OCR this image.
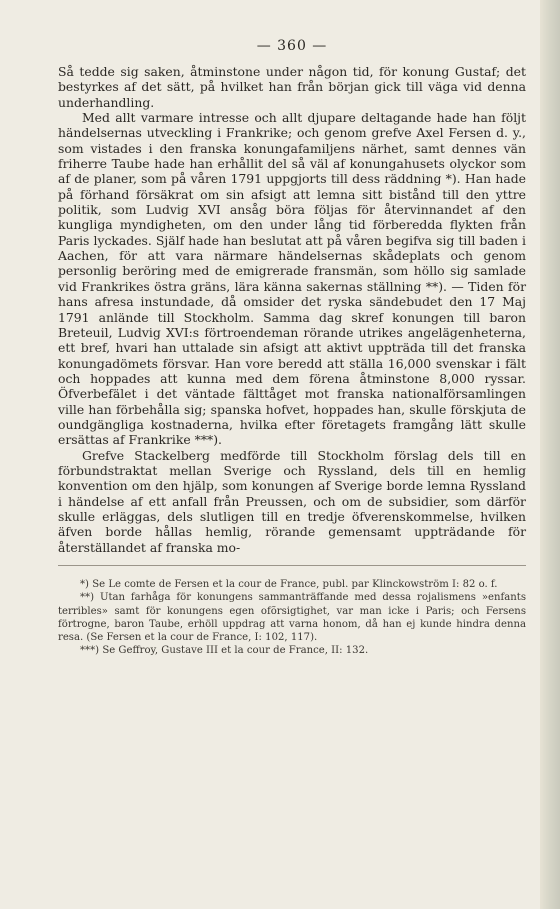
— 360 —

Så tedde sig saken, åtminstone under någon tid, för konung Gustaf; det bestyrkes af det sätt, på hvilket han från början gick till väga vid denna underhandling.

Med allt varmare intresse och allt djupare deltagande hade han följt händelsernas utveckling i Frankrike; och genom grefve Axel Fersen d. y., som vistades i den franska konungafamiljens närhet, samt dennes vän friherre Taube hade han erhållit del så väl af konungahusets olyckor som af de planer, som på våren 1791 uppgjorts till dess räddning *). Han hade på förhand försäkrat om sin afsigt att lemna sitt bistånd till den yttre politik, som Ludvig XVI ansåg böra följas för återvinnandet af den kungliga myndigheten, om den under lång tid förberedda flykten från Paris lyckades. Själf hade han beslutat att på våren begifva sig till baden i Aachen, för att vara närmare händelsernas skådeplats och genom personlig beröring med de emigrerade fransmän, som höllo sig samlade vid Frankrikes östra gräns, lära känna sakernas ställning **). — Tiden för hans afresa instundade, då omsider det ryska sändebudet den 17 Maj 1791 anlände till Stockholm. Samma dag skref konungen till baron Breteuil, Ludvig XVI:s förtroendeman rörande utrikes angelägenheterna, ett bref, hvari han uttalade sin afsigt att aktivt uppträda till det franska konungadömets försvar. Han vore beredd att ställa 16,000 svenskar i fält och hoppades att kunna med dem förena åtminstone 8,000 ryssar. Öfverbefälet i det väntade fälttåget mot franska nationalförsamlingen ville han förbehålla sig; spanska hofvet, hoppades han, skulle förskjuta de oundgängliga kostnaderna, hvilka efter företagets framgång lätt skulle ersättas af Frankrike ***).

Grefve Stackelberg medförde till Stockholm förslag dels till en förbundstraktat mellan Sverige och Ryssland, dels till en hemlig konvention om den hjälp, som konungen af Sverige borde lemna Ryssland i händelse af ett anfall från Preussen, och om de subsidier, som därför skulle erläggas, dels slutligen till en tredje öfverenskommelse, hvilken äfven borde hållas hemlig, rörande gemensamt uppträdande för återställandet af franska mo-

*) Se Le comte de Fersen et la cour de France, publ. par Klinckowström I: 82 o. f.

**) Utan farhåga för konungens sammanträffande med dessa rojalismens »enfants terribles» samt för konungens egen ofõrsigtighet, var man icke i Paris; och Fersens förtrogne, baron Taube, erhöll uppdrag att varna honom, då han ej kunde hindra denna resa. (Se Fersen et la cour de France, I: 102, 117).

***) Se Geffroy, Gustave III et la cour de France, II: 132.
